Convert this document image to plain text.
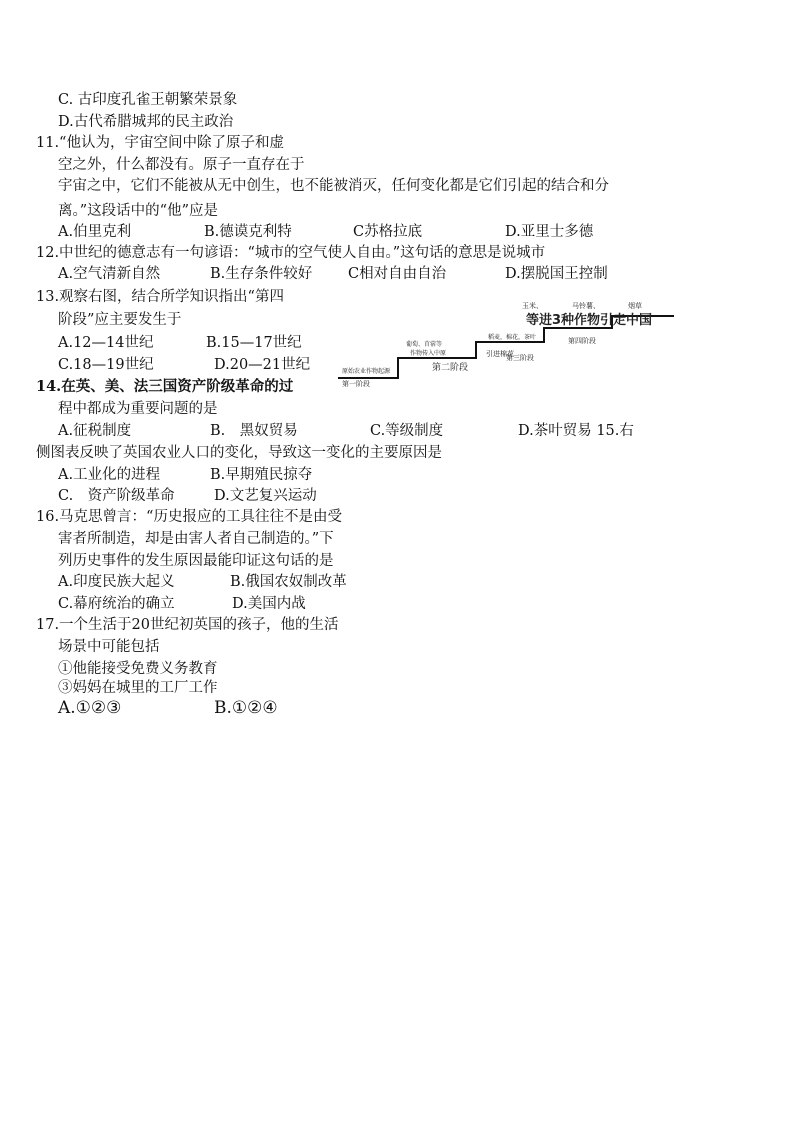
C. 古印度孔雀王朝繁荣景象
D.古代希腊城邦的民主政治
11.“他认为，宇宙空间中除了原子和虚
空之外，什么都没有。原子一直存在于
宇宙之中，它们不能被从无中创生，也不能被消灭，任何变化都是它们引起的结合和分
离。”这段话中的“他”应是
A.伯里克利	B.德谟克利特	C苏格拉底	D.亚里士多德
12.中世纪的德意志有一句谚语：“城市的空气使人自由。”这句话的意思是说城市
A.空气清新自然	B.生存条件较好 C相对自由自治	D.摆脱国王控制
13.观察右图，结合所学知识指出“第四
阶段”应主要发生于
A.12—14世纪	B.15—17世纪
C.18—19世纪	D.20—21世纪
玉米、	马铃薯、	烟草
等进3种作物引走中国
第四阶段
稻麦，棉花，茶叶
引进棉花
第三阶段
葡萄、苜蓿等
作物传入中原
第二阶段
原始农业作物起源
第一阶段
14.在英、美、法三国资产阶级革命的过
程中都成为重要问题的是
A.征税制度	B.　黑奴贸易	C.等级制度	D.茶叶贸易 15.右
侧图表反映了英国农业人口的变化，导致这一变化的主要原因是
A.工业化的进程	B.早期殖民掠夺
C.　资产阶级革命	D.文艺复兴运动
16.马克思曾言：“历史报应的工具往往不是由受
害者所制造，却是由害人者自己制造的。”下
列历史事件的发生原因最能印证这句话的是
A.印度民族大起义	B.俄国农奴制改革
C.幕府统治的确立	D.美国内战
17.一个生活于20世纪初英国的孩子，他的生活
场景中可能包括
①他能接受免费义务教育
③妈妈在城里的工厂工作
A.①②③	B.①②④
